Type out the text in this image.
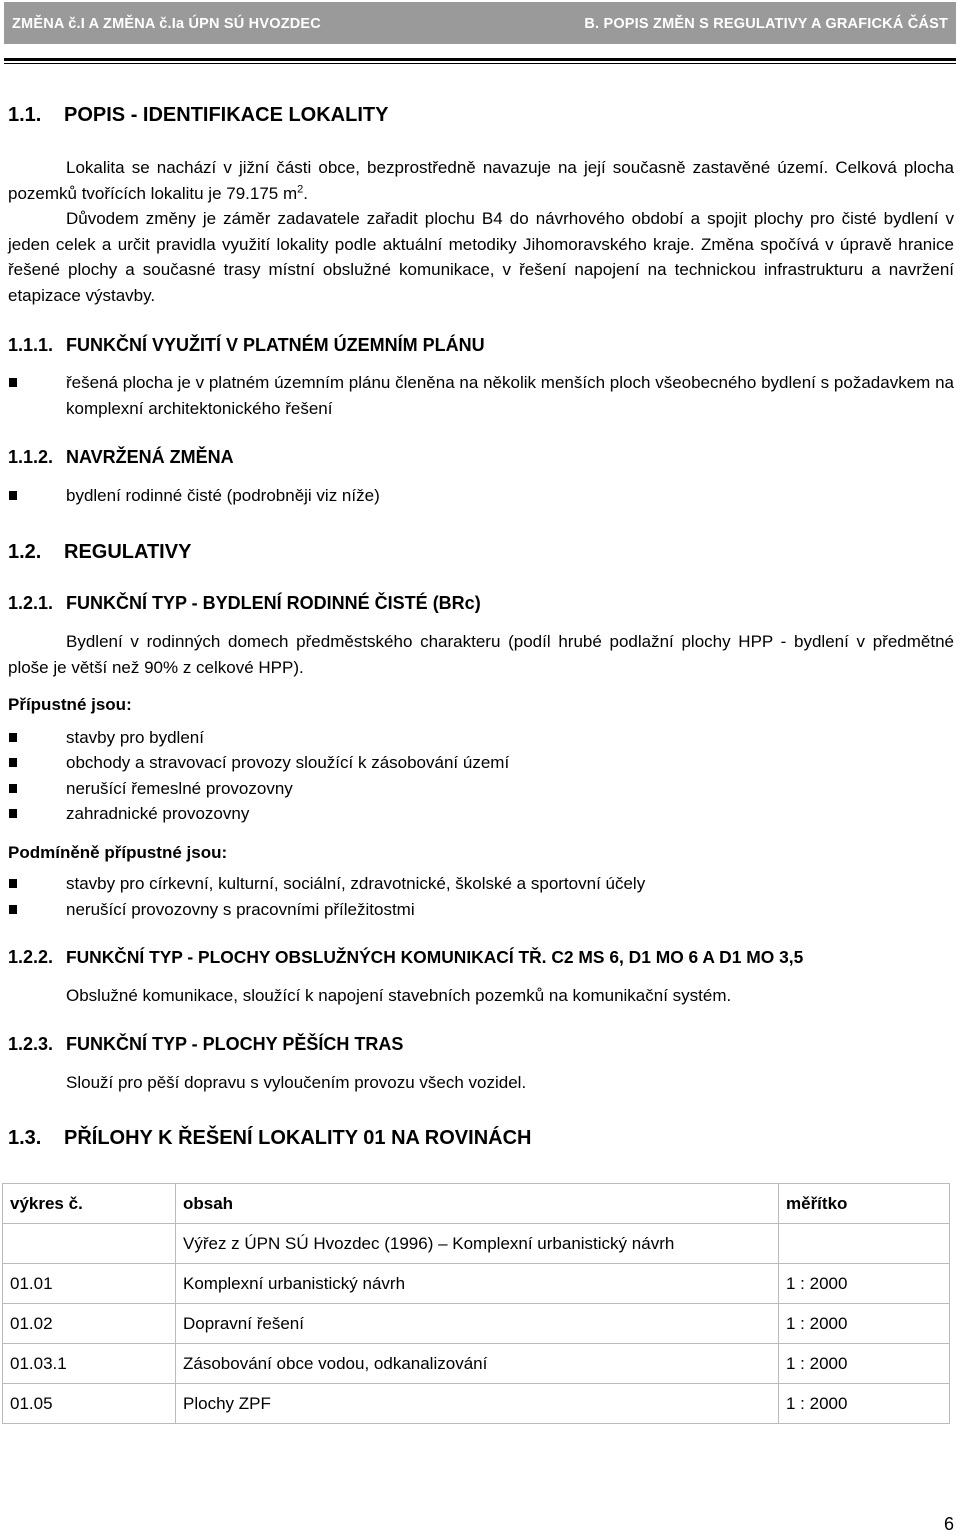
ZMĚNA č.I A ZMĚNA č.Ia ÚPN SÚ HVOZDEC	B. POPIS ZMĚN S REGULATIVY A GRAFICKÁ ČÁST
1.1. POPIS - IDENTIFIKACE LOKALITY
Lokalita se nachází v jižní části obce, bezprostředně navazuje na její současně zastavěné území. Celková plocha pozemků tvořících lokalitu je 79.175 $m^2$.
Důvodem změny je záměr zadavatele zařadit plochu B4 do návrhového období a spojit plochy pro čisté bydlení v jeden celek a určit pravidla využití lokality podle aktuální metodiky Jihomoravského kraje. Změna spočívá v úpravě hranice řešené plochy a současné trasy místní obslužné komunikace, v řešení napojení na technickou infrastrukturu a navržení etapizace výstavby.
1.1.1. FUNKČNÍ VYUŽITÍ V PLATNÉM ÚZEMNÍM PLÁNU
řešená plocha je v platném územním plánu členěna na několik menších ploch všeobecného bydlení s požadavkem na komplexní architektonického řešení
1.1.2. NAVRŽENÁ ZMĚNA
bydlení rodinné čisté (podrobněji viz níže)
1.2. REGULATIVY
1.2.1. FUNKČNÍ TYP - BYDLENÍ RODINNÉ ČISTÉ (BRc)
Bydlení v rodinných domech předměstského charakteru (podíl hrubé podlažní plochy HPP - bydlení v předmětné ploše je větší než 90% z celkové HPP).
Přípustné jsou:
stavby pro bydlení
obchody a stravovací provozy sloužící k zásobování území
nerušící řemeslné provozovny
zahradnické provozovny
Podmíněně přípustné jsou:
stavby pro církevní, kulturní, sociální, zdravotnické, školské a sportovní účely
nerušící provozovny s pracovními příležitostmi
1.2.2. FUNKČNÍ TYP - PLOCHY OBSLUŽNÝCH KOMUNIKACÍ TŘ. C2 MS 6, D1 MO 6 A D1 MO 3,5
Obslužné komunikace, sloužící k napojení stavebních pozemků na komunikační systém.
1.2.3. FUNKČNÍ TYP - PLOCHY PĚŠÍCH TRAS
Slouží pro pěší dopravu s vyloučením provozu všech vozidel.
1.3. PŘÍLOHY K ŘEŠENÍ LOKALITY 01 NA ROVINÁCH
výkres č.	obsah	měřítko
	Výřez z ÚPN SÚ Hvozdec (1996) – Komplexní urbanistický návrh	
01.01	Komplexní urbanistický návrh	1 : 2000
01.02	Dopravní řešení	1 : 2000
01.03.1	Zásobování obce vodou, odkanalizování	1 : 2000
01.05	Plochy ZPF	1 : 2000
6
